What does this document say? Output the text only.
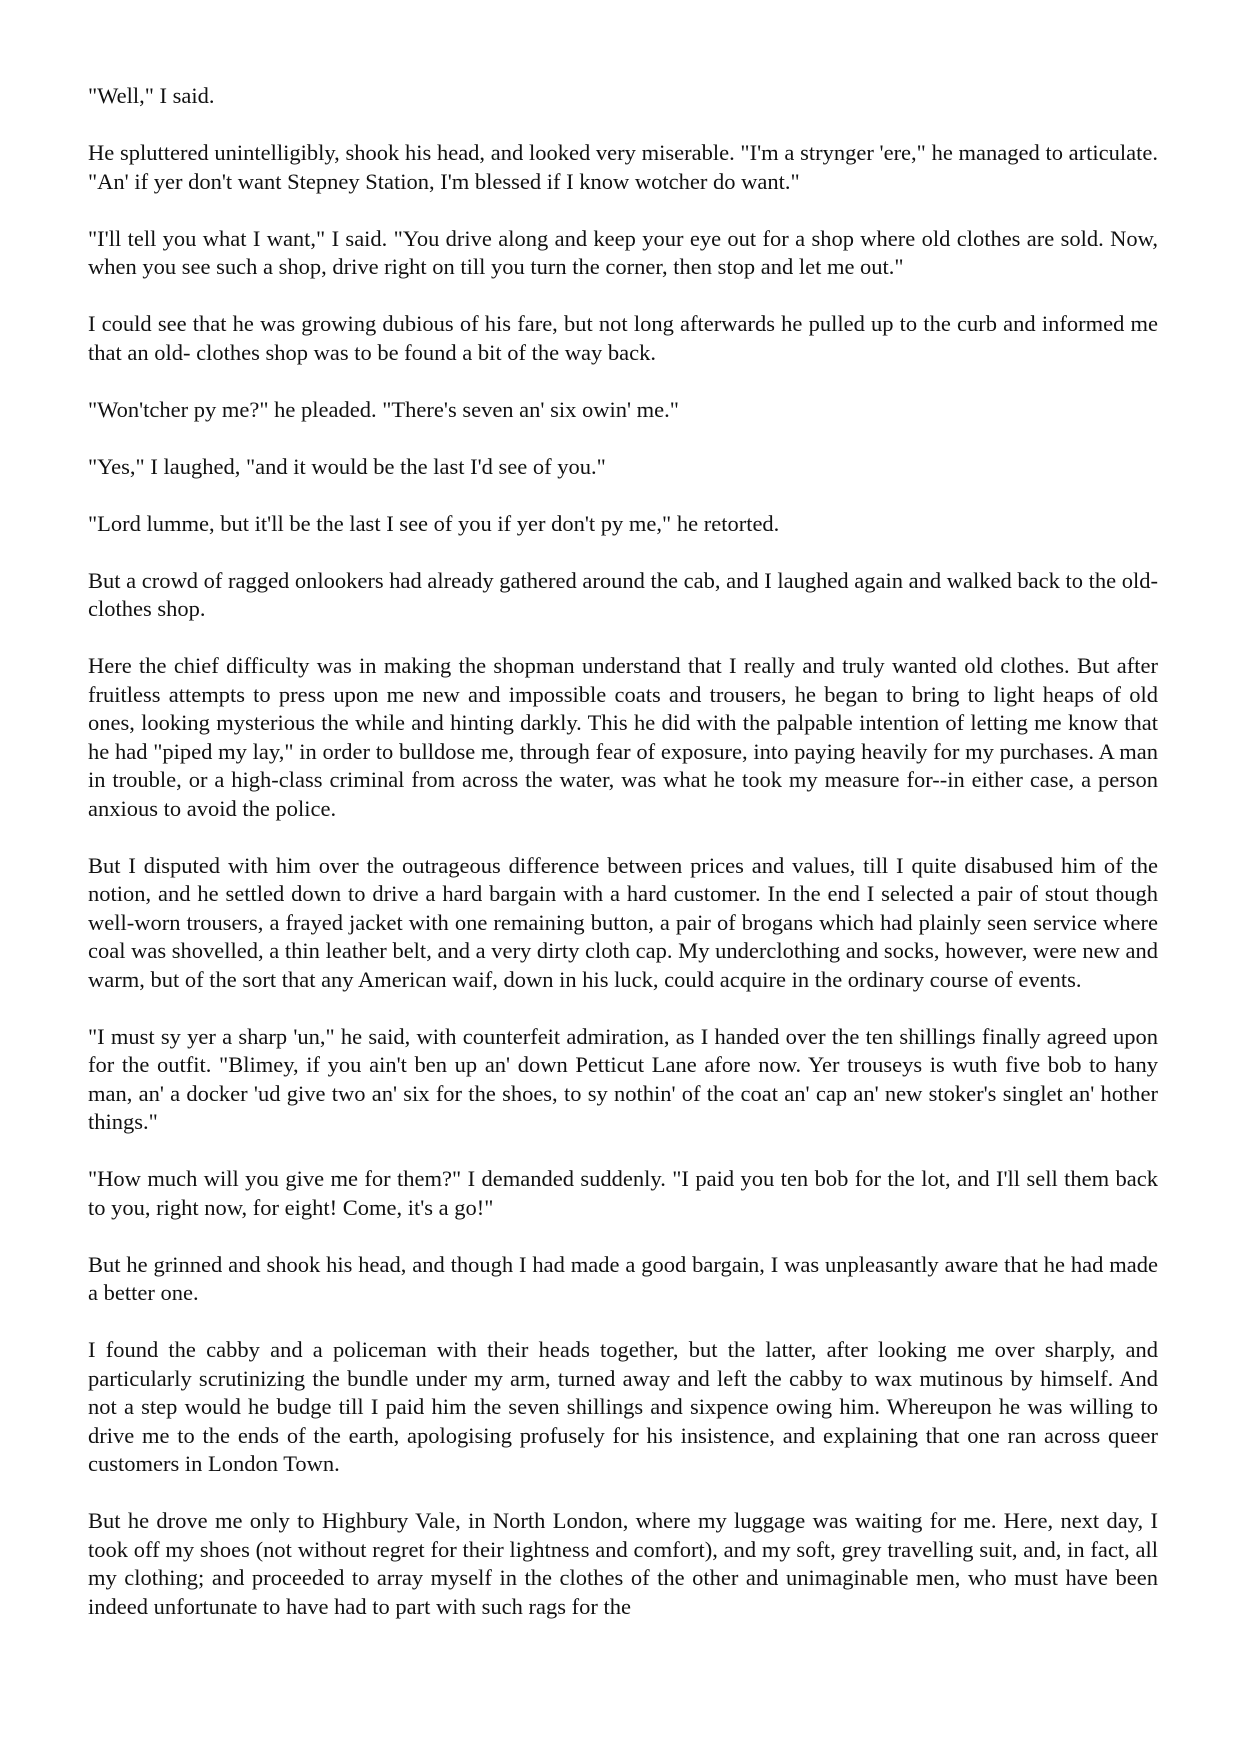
"Well," I said.

He spluttered unintelligibly, shook his head, and looked very miserable. "I'm a strynger 'ere," he managed to articulate. "An' if yer don't want Stepney Station, I'm blessed if I know wotcher do want."

"I'll tell you what I want," I said. "You drive along and keep your eye out for a shop where old clothes are sold. Now, when you see such a shop, drive right on till you turn the corner, then stop and let me out."

I could see that he was growing dubious of his fare, but not long afterwards he pulled up to the curb and informed me that an old- clothes shop was to be found a bit of the way back.

"Won'tcher py me?" he pleaded. "There's seven an' six owin' me."

"Yes," I laughed, "and it would be the last I'd see of you."

"Lord lumme, but it'll be the last I see of you if yer don't py me," he retorted.

But a crowd of ragged onlookers had already gathered around the cab, and I laughed again and walked back to the old-clothes shop.

Here the chief difficulty was in making the shopman understand that I really and truly wanted old clothes. But after fruitless attempts to press upon me new and impossible coats and trousers, he began to bring to light heaps of old ones, looking mysterious the while and hinting darkly. This he did with the palpable intention of letting me know that he had "piped my lay," in order to bulldose me, through fear of exposure, into paying heavily for my purchases. A man in trouble, or a high-class criminal from across the water, was what he took my measure for--in either case, a person anxious to avoid the police.

But I disputed with him over the outrageous difference between prices and values, till I quite disabused him of the notion, and he settled down to drive a hard bargain with a hard customer. In the end I selected a pair of stout though well-worn trousers, a frayed jacket with one remaining button, a pair of brogans which had plainly seen service where coal was shovelled, a thin leather belt, and a very dirty cloth cap. My underclothing and socks, however, were new and warm, but of the sort that any American waif, down in his luck, could acquire in the ordinary course of events.

"I must sy yer a sharp 'un," he said, with counterfeit admiration, as I handed over the ten shillings finally agreed upon for the outfit. "Blimey, if you ain't ben up an' down Petticut Lane afore now. Yer trouseys is wuth five bob to hany man, an' a docker 'ud give two an' six for the shoes, to sy nothin' of the coat an' cap an' new stoker's singlet an' hother things."

"How much will you give me for them?" I demanded suddenly. "I paid you ten bob for the lot, and I'll sell them back to you, right now, for eight! Come, it's a go!"

But he grinned and shook his head, and though I had made a good bargain, I was unpleasantly aware that he had made a better one.

I found the cabby and a policeman with their heads together, but the latter, after looking me over sharply, and particularly scrutinizing the bundle under my arm, turned away and left the cabby to wax mutinous by himself. And not a step would he budge till I paid him the seven shillings and sixpence owing him. Whereupon he was willing to drive me to the ends of the earth, apologising profusely for his insistence, and explaining that one ran across queer customers in London Town.

But he drove me only to Highbury Vale, in North London, where my luggage was waiting for me. Here, next day, I took off my shoes (not without regret for their lightness and comfort), and my soft, grey travelling suit, and, in fact, all my clothing; and proceeded to array myself in the clothes of the other and unimaginable men, who must have been indeed unfortunate to have had to part with such rags for the
